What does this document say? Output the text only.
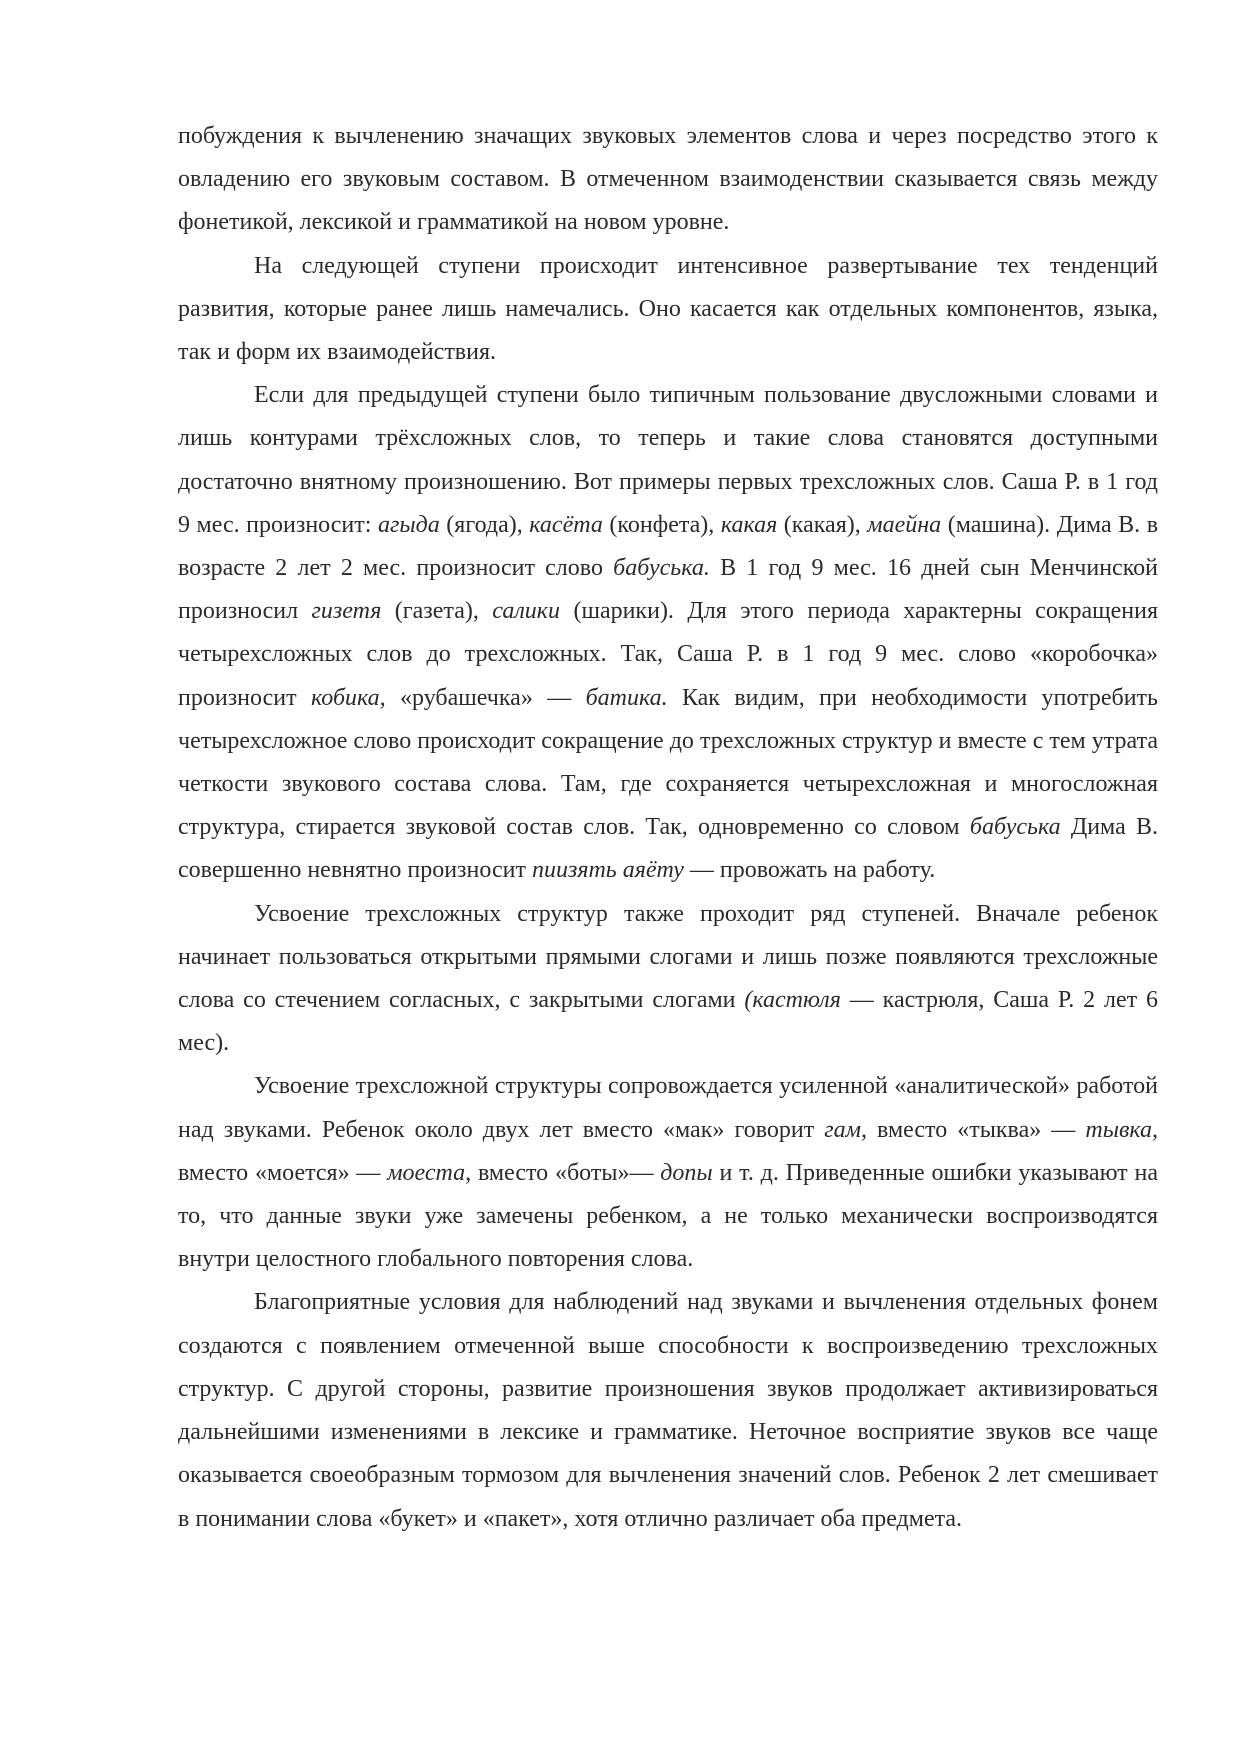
побуждения к вычленению значащих звуковых элементов слова и через посредство этого к овладению его звуковым составом. В отмеченном взаимоденствии сказывается связь между фонетикой, лексикой и грамматикой на новом уровне.

На следующей ступени происходит интенсивное развертывание тех тенденций развития, которые ранее лишь намечались. Оно касается как отдельных компонентов, языка, так и форм их взаимодействия.

Если для предыдущей ступени было типичным пользование двусложными словами и лишь контурами трёхсложных слов, то теперь и такие слова становятся доступными достаточно внятному произношению. Вот примеры первых трехсложных слов. Саша Р. в 1 год 9 мес. произносит: агыда (ягода), касёта (конфета), какая (какая), маейна (машина). Дима В. в возрасте 2 лет 2 мес. произносит слово бабуська. В 1 год 9 мес. 16 дней сын Менчинской произносил гизетя (газета), салики (шарики). Для этого периода характерны сокращения четырехсложных слов до трехсложных. Так, Саша Р. в 1 год 9 мес. слово «коробочка» произносит кобика, «рубашечка» — батика. Как видим, при необходимости употребить четырехсложное слово происходит сокращение до трехсложных структур и вместе с тем утрата четкости звукового состава слова. Там, где сохраняется четырехсложная и многосложная структура, стирается звуковой состав слов. Так, одновременно со словом бабуська Дима В. совершенно невнятно произносит пиизять аяёту — провожать на работу.

Усвоение трехсложных структур также проходит ряд ступеней. Вначале ребенок начинает пользоваться открытыми прямыми слогами и лишь позже появляются трехсложные слова со стечением согласных, с закрытыми слогами (кастюля — кастрюля, Саша Р. 2 лет 6 мес).

Усвоение трехсложной структуры сопровождается усиленной «аналитической» работой над звуками. Ребенок около двух лет вместо «мак» говорит гам, вместо «тыква» — тывка, вместо «моется» — моеста, вместо «боты»— допы и т. д. Приведенные ошибки указывают на то, что данные звуки уже замечены ребенком, а не только механически воспроизводятся внутри целостного глобального повторения слова.

Благоприятные условия для наблюдений над звуками и вычленения отдельных фонем создаются с появлением отмеченной выше способности к воспроизведению трехсложных структур. С другой стороны, развитие произношения звуков продолжает активизироваться дальнейшими изменениями в лексике и грамматике. Неточное восприятие звуков все чаще оказывается своеобразным тормозом для вычленения значений слов. Ребенок 2 лет смешивает в понимании слова «букет» и «пакет», хотя отлично различает оба предмета.
